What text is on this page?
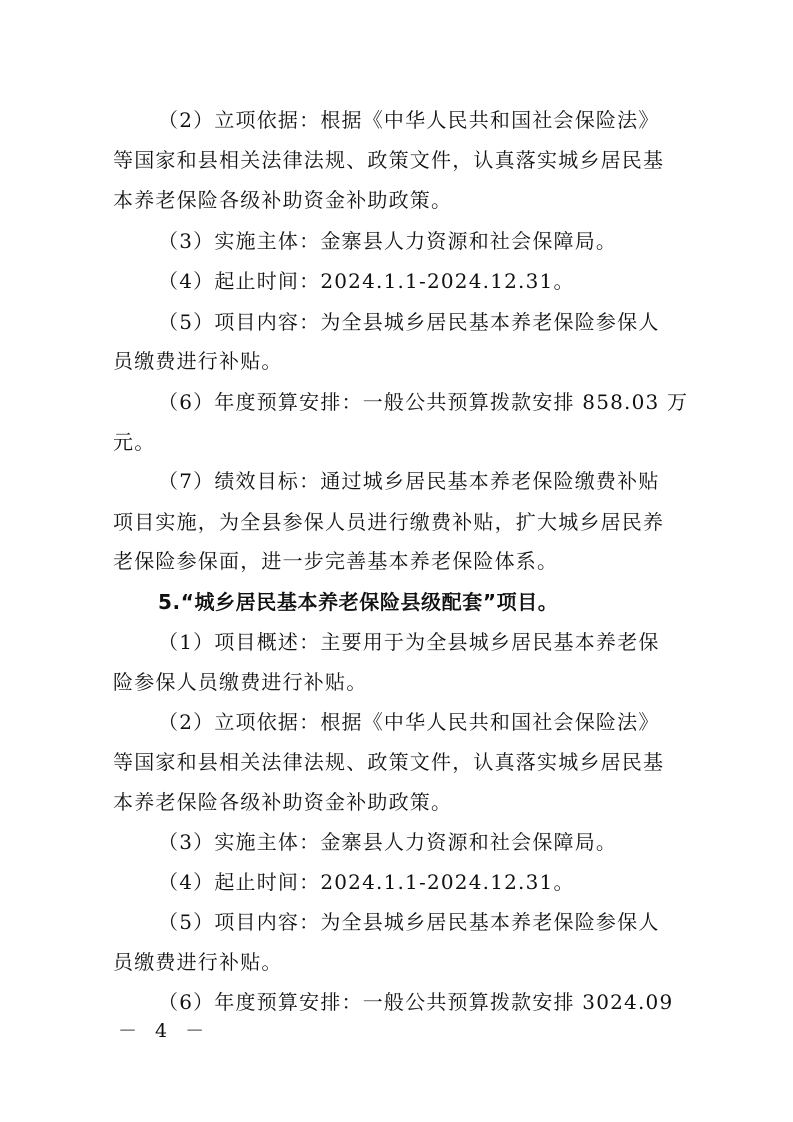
（2）立项依据：根据《中华人民共和国社会保险法》
等国家和县相关法律法规、政策文件，认真落实城乡居民基
本养老保险各级补助资金补助政策。
（3）实施主体：金寨县人力资源和社会保障局。
（4）起止时间：2024.1.1-2024.12.31。
（5）项目内容：为全县城乡居民基本养老保险参保人
员缴费进行补贴。
（6）年度预算安排：一般公共预算拨款安排 858.03 万
元。
（7）绩效目标：通过城乡居民基本养老保险缴费补贴
项目实施，为全县参保人员进行缴费补贴，扩大城乡居民养
老保险参保面，进一步完善基本养老保险体系。
5.“城乡居民基本养老保险县级配套”项目。
（1）项目概述：主要用于为全县城乡居民基本养老保
险参保人员缴费进行补贴。
（2）立项依据：根据《中华人民共和国社会保险法》
等国家和县相关法律法规、政策文件，认真落实城乡居民基
本养老保险各级补助资金补助政策。
（3）实施主体：金寨县人力资源和社会保障局。
（4）起止时间：2024.1.1-2024.12.31。
（5）项目内容：为全县城乡居民基本养老保险参保人
员缴费进行补贴。
（6）年度预算安排：一般公共预算拨款安排 3024.09
－ 4 －
